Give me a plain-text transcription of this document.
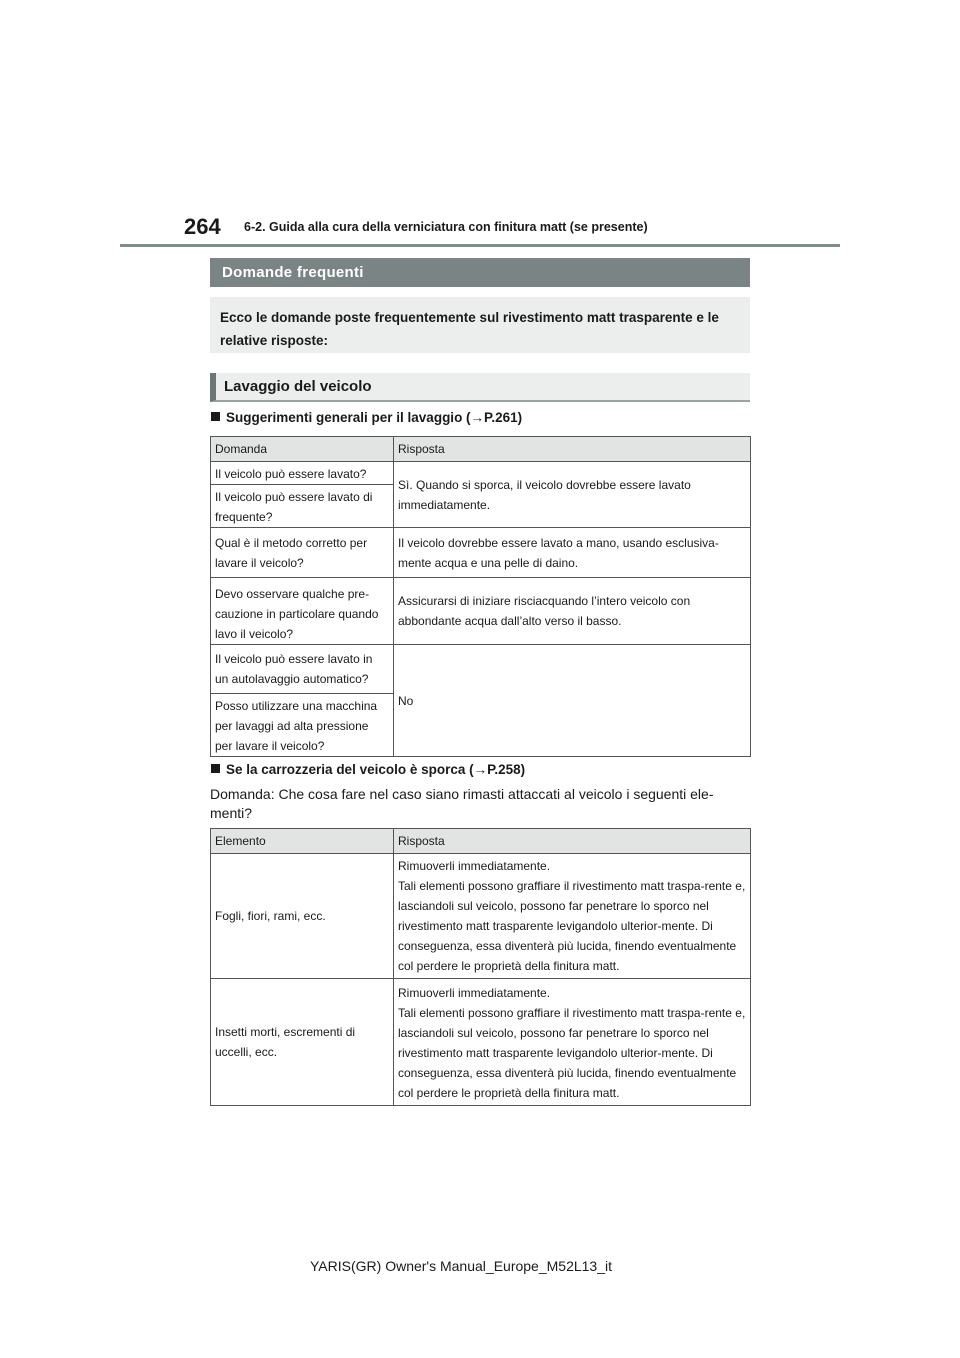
264 6-2. Guida alla cura della verniciatura con finitura matt (se presente)
Domande frequenti
Ecco le domande poste frequentemente sul rivestimento matt trasparente e le relative risposte:
Lavaggio del veicolo
Suggerimenti generali per il lavaggio (→P.261)
Domanda	Risposta
Il veicolo può essere lavato?	Sì. Quando si sporca, il veicolo dovrebbe essere lavato immediatamente.
Il veicolo può essere lavato di frequente?	
Qual è il metodo corretto per lavare il veicolo?	Il veicolo dovrebbe essere lavato a mano, usando esclusiva-mente acqua e una pelle di daino.
Devo osservare qualche pre-cauzione in particolare quando lavo il veicolo?	Assicurarsi di iniziare risciacquando l’intero veicolo con abbondante acqua dall’alto verso il basso.
Il veicolo può essere lavato in un autolavaggio automatico?	No
Posso utilizzare una macchina per lavaggi ad alta pressione per lavare il veicolo?	
Se la carrozzeria del veicolo è sporca (→P.258)
Domanda: Che cosa fare nel caso siano rimasti attaccati al veicolo i seguenti ele-menti?
Elemento	Risposta
Fogli, fiori, rami, ecc.	Rimuoverli immediatamente.
Tali elementi possono graffiare il rivestimento matt traspa-rente e, lasciandoli sul veicolo, possono far penetrare lo sporco nel rivestimento matt trasparente levigandolo ulterior-mente. Di conseguenza, essa diventerà più lucida, finendo eventualmente col perdere le proprietà della finitura matt.

Insetti morti, escrementi di uccelli, ecc.	Rimuoverli immediatamente.
Tali elementi possono graffiare il rivestimento matt traspa-rente e, lasciandoli sul veicolo, possono far penetrare lo sporco nel rivestimento matt trasparente levigandolo ulterior-mente. Di conseguenza, essa diventerà più lucida, finendo eventualmente col perdere le proprietà della finitura matt.
YARIS(GR) Owner's Manual_Europe_M52L13_it
